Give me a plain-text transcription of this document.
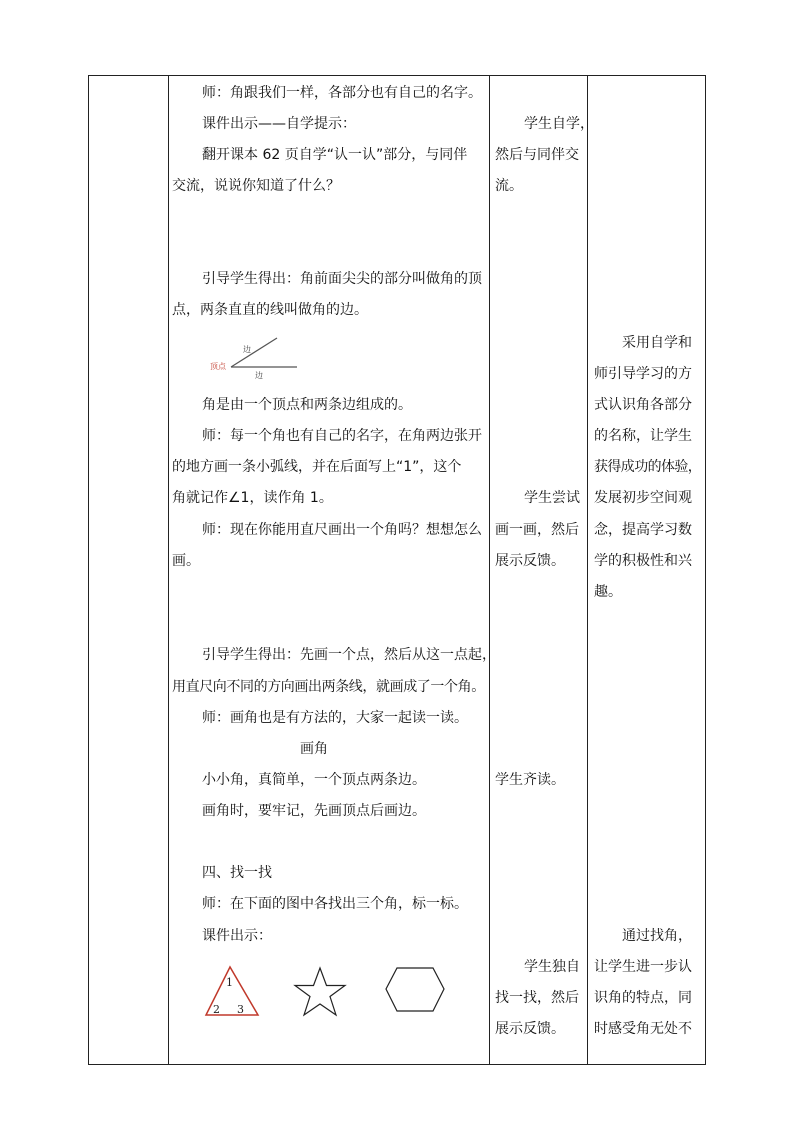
师：角跟我们一样，各部分也有自己的名字。
课件出示——自学提示：
翻开课本 62 页自学“认一认”部分，与同伴
交流，说说你知道了什么？
引导学生得出：角前面尖尖的部分叫做角的顶
点，两条直直的线叫做角的边。
边
顶点
边
角是由一个顶点和两条边组成的。
师：每一个角也有自己的名字，在角两边张开
的地方画一条小弧线，并在后面写上“1”，这个
角就记作∠1，读作角 1。
师：现在你能用直尺画出一个角吗？想想怎么
画。
引导学生得出：先画一个点，然后从这一点起，
用直尺向不同的方向画出两条线，就画成了一个角。
师：画角也是有方法的，大家一起读一读。
画角
小小角，真简单，一个顶点两条边。
画角时，要牢记，先画顶点后画边。
四、找一找
师：在下面的图中各找出三个角，标一标。
课件出示：
1
2 3
学生自学，
然后与同伴交
流。
学生尝试
画一画，然后
展示反馈。
学生齐读。
学生独自
找一找，然后
展示反馈。
采用自学和
师引导学习的方
式认识角各部分
的名称，让学生
获得成功的体验，
发展初步空间观
念，提高学习数
学的积极性和兴
趣。
通过找角，
让学生进一步认
识角的特点，同
时感受角无处不
